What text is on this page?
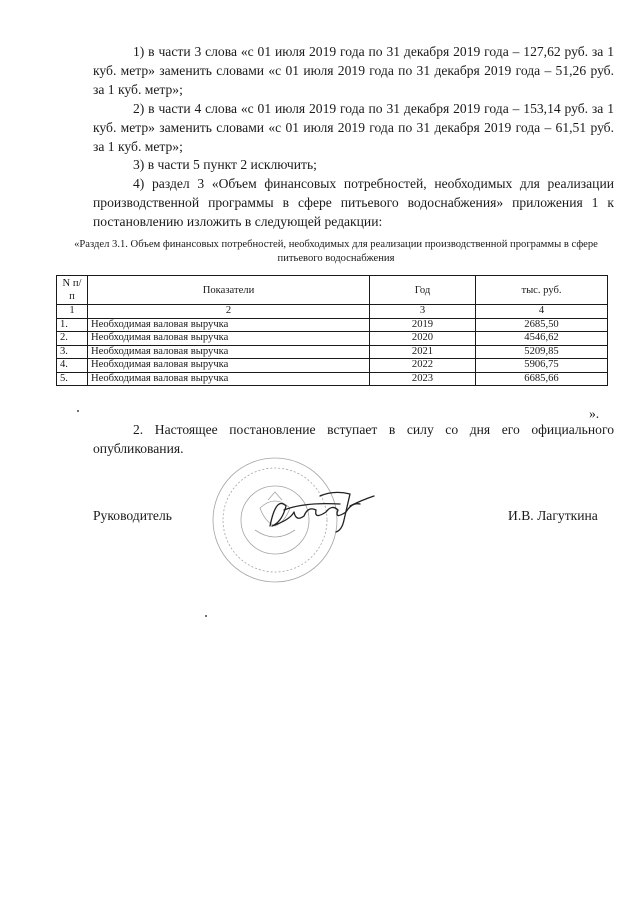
1) в части 3 слова «с 01 июля 2019 года по 31 декабря 2019 года – 127,62 руб. за 1 куб. метр» заменить словами «с 01 июля 2019 года по 31 декабря 2019 года – 51,26 руб. за 1 куб. метр»;

2) в части 4 слова «с 01 июля 2019 года по 31 декабря 2019 года – 153,14 руб. за 1 куб. метр» заменить словами «с 01 июля 2019 года по 31 декабря 2019 года – 61,51 руб. за 1 куб. метр»;

3) в части 5 пункт 2 исключить;

4) раздел 3 «Объем финансовых потребностей, необходимых для реализации производственной программы в сфере питьевого водоснабжения» приложения 1 к постановлению изложить в следующей редакции:

«Раздел 3.1. Объем финансовых потребностей, необходимых для реализации производственной программы в сфере питьевого водоснабжения
N п/п	Показатели	Год	тыс. руб.
1	2	3	4
1.	Необходимая валовая выручка	2019	2685,50
2.	Необходимая валовая выручка	2020	4546,62
3.	Необходимая валовая выручка	2021	5209,85
4.	Необходимая валовая выручка	2022	5906,75
5.	Необходимая валовая выручка	2023	6685,66
».

2. Настоящее постановление вступает в силу со дня его официального опубликования.

Руководитель	И.В. Лагуткина
